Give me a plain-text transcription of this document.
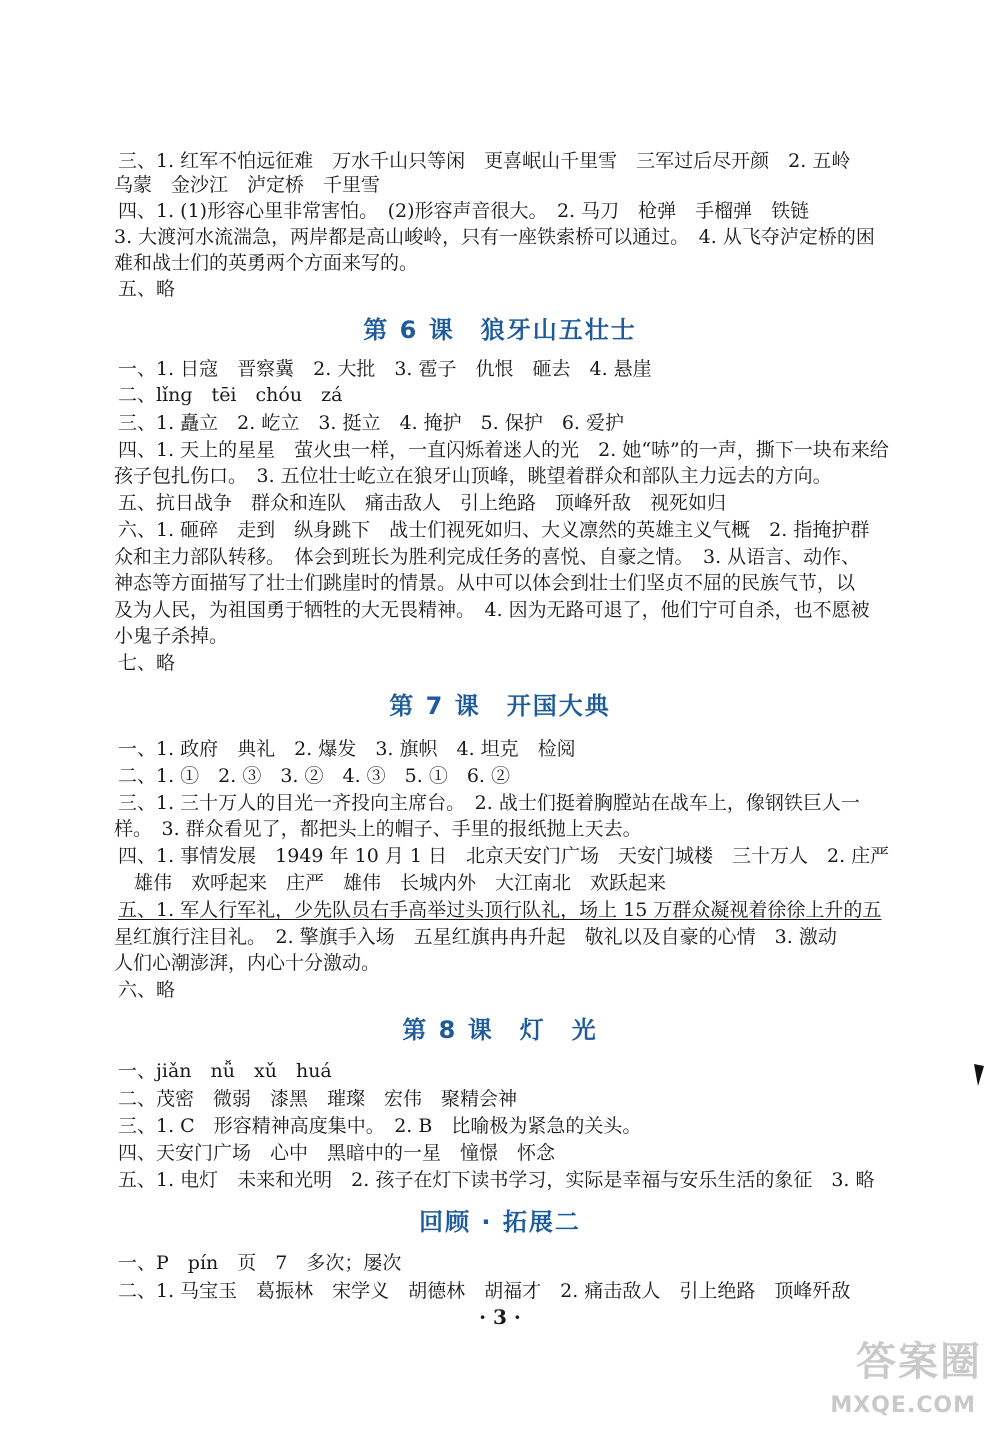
三、1. 红军不怕远征难　万水千山只等闲　更喜岷山千里雪　三军过后尽开颜　2. 五岭
乌蒙　金沙江　泸定桥　千里雪
四、1. (1)形容心里非常害怕。　(2)形容声音很大。　2. 马刀　枪弹　手榴弹　铁链
3. 大渡河水流湍急，两岸都是高山峻岭，只有一座铁索桥可以通过。　4. 从飞夺泸定桥的困
难和战士们的英勇两个方面来写的。
五、略
第 6 课　狼牙山五壮士
一、1. 日寇　晋察冀　2. 大批　3. 雹子　仇恨　砸去　4. 悬崖
二、lǐnɡ　tēi　chóu　zá
三、1. 矗立　2. 屹立　3. 挺立　4. 掩护　5. 保护　6. 爱护
四、1. 天上的星星　萤火虫一样，一直闪烁着迷人的光　2. 她“哧”的一声，撕下一块布来给
孩子包扎伤口。　3. 五位壮士屹立在狼牙山顶峰，眺望着群众和部队主力远去的方向。
五、抗日战争　群众和连队　痛击敌人　引上绝路　顶峰歼敌　视死如归
六、1. 砸碎　走到　纵身跳下　战士们视死如归、大义凛然的英雄主义气概　2. 指掩护群
众和主力部队转移。　体会到班长为胜利完成任务的喜悦、自豪之情。　3. 从语言、动作、
神态等方面描写了壮士们跳崖时的情景。从中可以体会到壮士们坚贞不屈的民族气节，以
及为人民，为祖国勇于牺牲的大无畏精神。　4. 因为无路可退了，他们宁可自杀，也不愿被
小鬼子杀掉。
七、略
第 7 课　开国大典
一、1. 政府　典礼　2. 爆发　3. 旗帜　4. 坦克　检阅
二、1. ①　2. ③　3. ②　4. ③　5. ①　6. ②
三、1. 三十万人的目光一齐投向主席台。　2. 战士们挺着胸膛站在战车上，像钢铁巨人一
样。　3. 群众看见了，都把头上的帽子、手里的报纸抛上天去。
四、1. 事情发展　1949 年 10 月 1 日　北京天安门广场　天安门城楼　三十万人　2. 庄严
雄伟　欢呼起来　庄严　雄伟　长城内外　大江南北　欢跃起来
五、1. 军人行军礼，少先队员右手高举过头顶行队礼，场上 15 万群众凝视着徐徐上升的五
星红旗行注目礼。　2. 擎旗手入场　五星红旗冉冉升起　敬礼以及自豪的心情　3. 激动
人们心潮澎湃，内心十分激动。
六、略
第 8 课　灯　光
一、jiǎn　nǚ　xǔ　huá
二、茂密　微弱　漆黑　璀璨　宏伟　聚精会神
三、1. C　形容精神高度集中。　2. B　比喻极为紧急的关头。
四、天安门广场　心中　黑暗中的一星　憧憬　怀念
五、1. 电灯　未来和光明　2. 孩子在灯下读书学习，实际是幸福与安乐生活的象征　3. 略
回顾 · 拓展二
一、P　pín　页　7　多次；屡次
二、1. 马宝玉　葛振林　宋学义　胡德林　胡福才　2. 痛击敌人　引上绝路　顶峰歼敌
· 3 ·
答案圈
MXQE.COM
